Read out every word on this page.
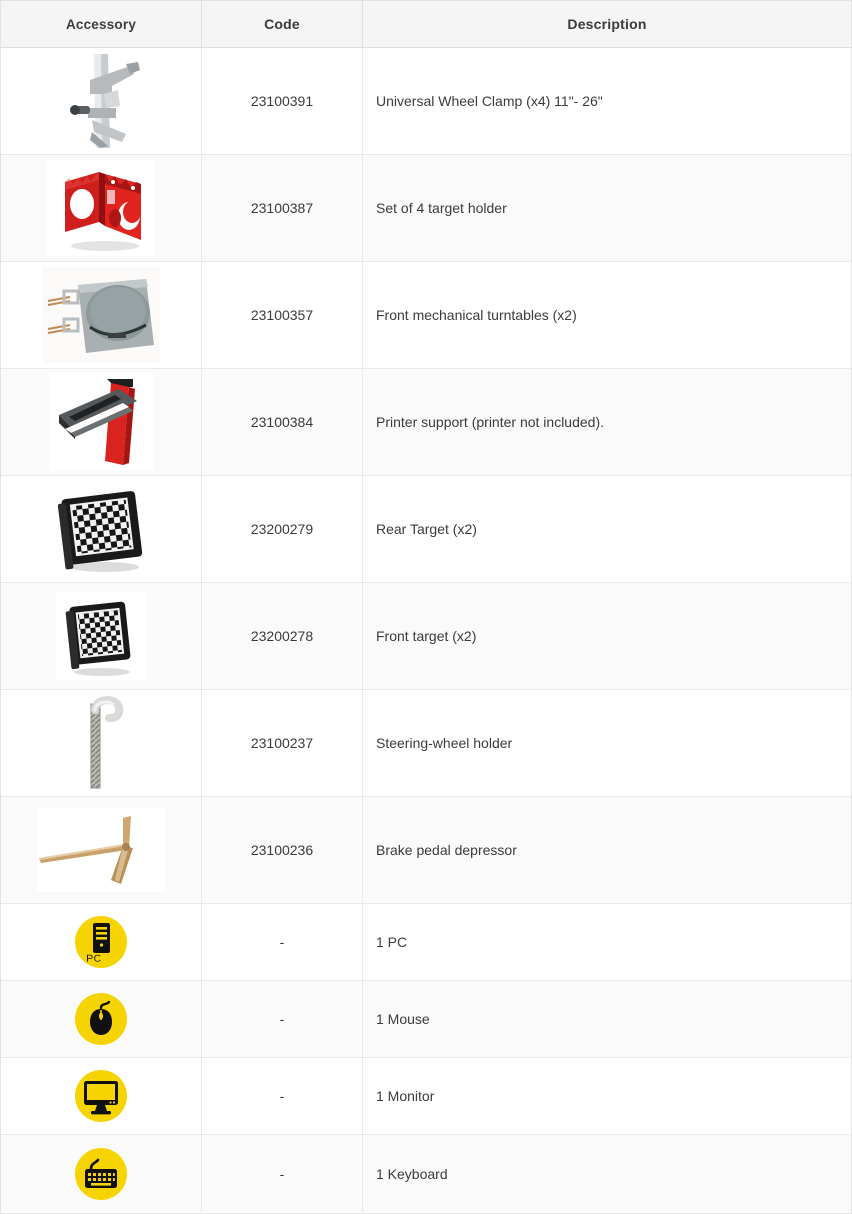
Accessory	Code	Description
23100391	Universal Wheel Clamp (x4) 11"- 26"
23100387	Set of 4 target holder
23100357	Front mechanical turntables (x2)
23100384	Printer support (printer not included).
23200279	Rear Target (x2)
23200278	Front target (x2)
23100237	Steering-wheel holder
23100236	Brake pedal depressor
PC
-	1 PC
-	1 Mouse
-	1 Monitor
-	1 Keyboard
